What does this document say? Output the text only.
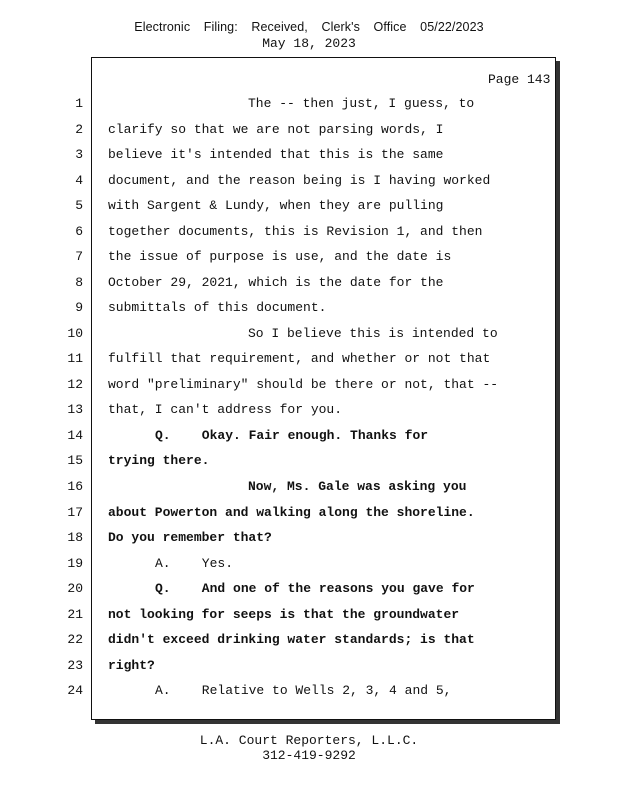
Electronic Filing: Received, Clerk's Office 05/22/2023
May 18, 2023
Page 143
1	The -- then just, I guess, to
2 clarify so that we are not parsing words, I
3 believe it's intended that this is the same
4 document, and the reason being is I having worked
5 with Sargent & Lundy, when they are pulling
6 together documents, this is Revision 1, and then
7 the issue of purpose is use, and the date is
8 October 29, 2021, which is the date for the
9 submittals of this document.
10	So I believe this is intended to
11 fulfill that requirement, and whether or not that
12 word "preliminary" should be there or not, that --
13 that, I can't address for you.
14	Q.    Okay. Fair enough. Thanks for
15 trying there.
16	Now, Ms. Gale was asking you
17 about Powerton and walking along the shoreline.
18 Do you remember that?
19	A.    Yes.
20	Q.    And one of the reasons you gave for
21 not looking for seeps is that the groundwater
22 didn't exceed drinking water standards; is that
23 right?
24	A.    Relative to Wells 2, 3, 4 and 5,
L.A. Court Reporters, L.L.C.
312-419-9292
